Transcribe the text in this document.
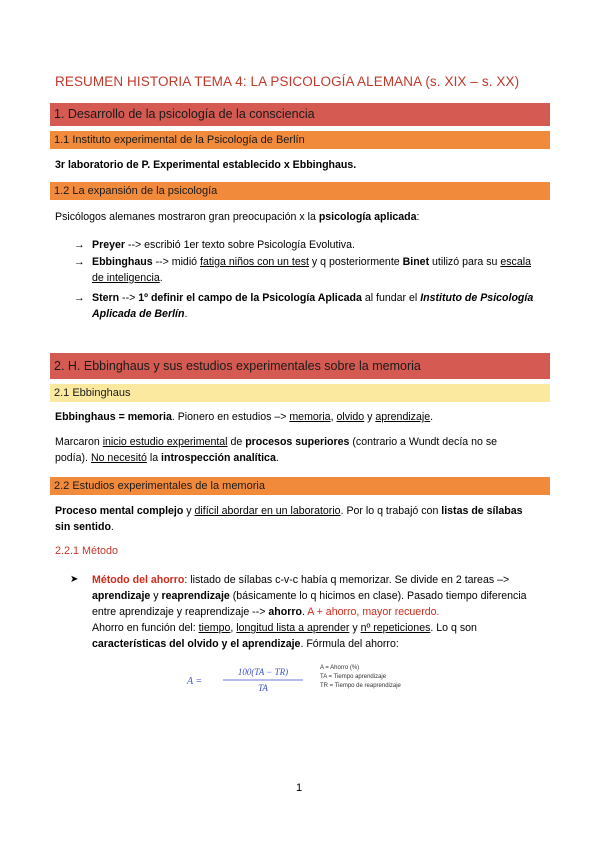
RESUMEN HISTORIA TEMA 4: LA PSICOLOGÍA ALEMANA (s. XIX – s. XX)
1. Desarrollo de la psicología de la consciencia
1.1 Instituto experimental de la Psicología de Berlín
3r laboratorio de P. Experimental establecido x Ebbinghaus.
1.2 La expansión de la psicología
Psicólogos alemanes mostraron gran preocupación x la psicología aplicada:
→ Preyer --> escribió 1er texto sobre Psicología Evolutiva.
→ Ebbinghaus --> midió fatiga niños con un test y q posteriormente Binet utilizó para su escala
de inteligencia.
→ Stern --> 1º definir el campo de la Psicología Aplicada al fundar el Instituto de Psicología
Aplicada de Berlín.
2. H. Ebbinghaus y sus estudios experimentales sobre la memoria
2.1 Ebbinghaus
Ebbinghaus = memoria. Pionero en estudios –> memoria, olvido y aprendizaje.
Marcaron inicio estudio experimental de procesos superiores (contrario a Wundt decía no se
podía). No necesitó la introspección analítica.
2.2 Estudios experimentales de la memoria
Proceso mental complejo y difícil abordar en un laboratorio. Por lo q trabajó con listas de sílabas
sin sentido.
2.2.1 Método
➤ Método del ahorro: listado de sílabas c-v-c había q memorizar. Se divide en 2 tareas –>
aprendizaje y reaprendizaje (básicamente lo q hicimos en clase). Pasado tiempo diferencia
entre aprendizaje y reaprendizaje --> ahorro. A + ahorro, mayor recuerdo.
Ahorro en función del: tiempo, longitud lista a aprender y nº repeticiones. Lo q son
características del olvido y el aprendizaje. Fórmula del ahorro:
A =
100(TA − TR)
TA
A = Ahorro (%)
TA = Tiempo aprendizaje
TR = Tiempo de reaprendizaje
1
